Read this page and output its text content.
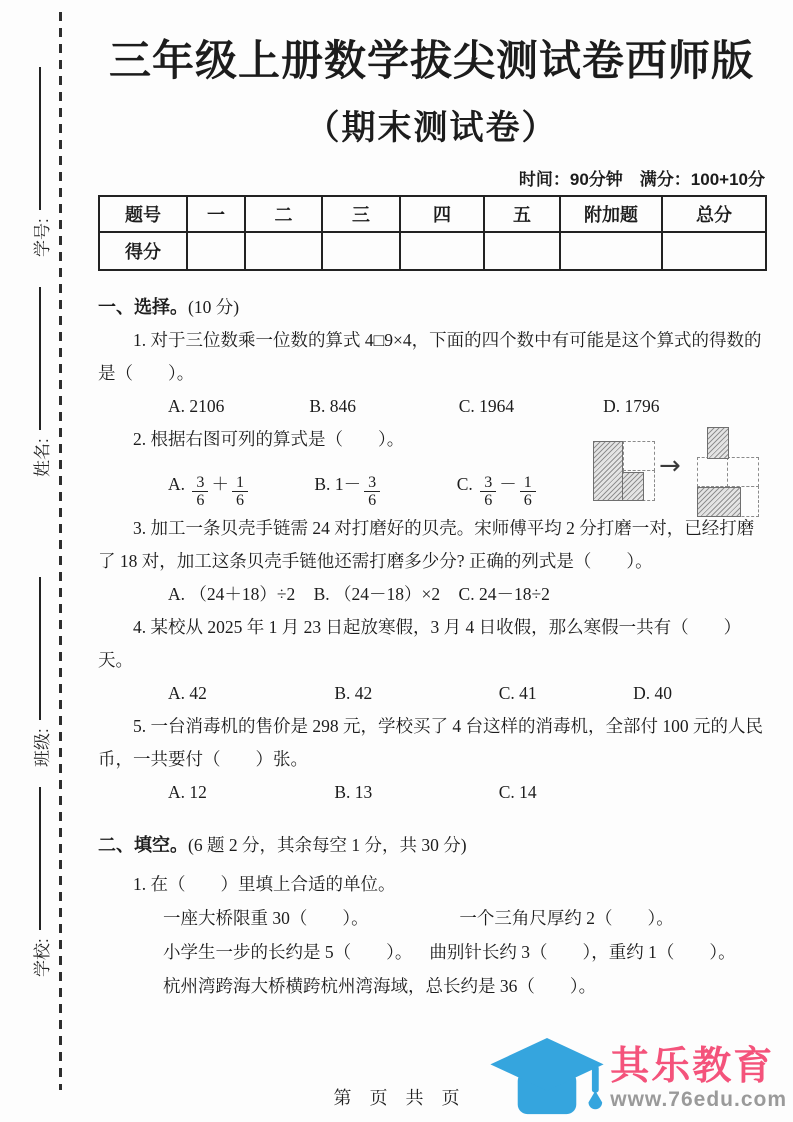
学号:
姓名:
班级:
学校:
三年级上册数学拔尖测试卷西师版
（期末测试卷）
时间：90分钟　满分：100+10分
题号	一	二	三	四	五	附加题	总分
得分							
一、选择。(10 分)

1. 对于三位数乘一位数的算式 4□9×4，下面的四个数中有可能是这个算式的得数的是（　　）。

A. 2106	B. 846	C. 1964	D. 1796

2. 根据右图可列的算式是（　　）。

A. $\frac{3}{6} + \frac{1}{6}$	B. $1- \frac{3}{6}$	C. $\frac{3}{6} - \frac{1}{6}$
→

3. 加工一条贝壳手链需 24 对打磨好的贝壳。宋师傅平均 2 分打磨一对，已经打磨了 18 对，加工这条贝壳手链他还需打磨多少分? 正确的列式是（　　）。

A. （24＋18）÷2 B. （24－18）×2 C. 24－18÷2

4. 某校从 2025 年 1 月 23 日起放寒假，3 月 4 日收假，那么寒假一共有（　　）天。

A. 42	B. 42	C. 41	D. 40

5. 一台消毒机的售价是 298 元，学校买了 4 台这样的消毒机，全部付 100 元的人民币，一共要付（　　）张。

A. 12	B. 13	C. 14
二、填空。(6 题 2 分，其余每空 1 分，共 30 分)

1. 在（　　）里填上合适的单位。

一座大桥限重 30（　　）。	一个三角尺厚约 2（　　）。
小学生一步的长约是 5（　　）。 曲别针长约 3（　　），重约 1（　　）。
杭州湾跨海大桥横跨杭州湾海域，总长约是 36（　　）。
第　页　共　页
其乐教育
www.76edu.com
